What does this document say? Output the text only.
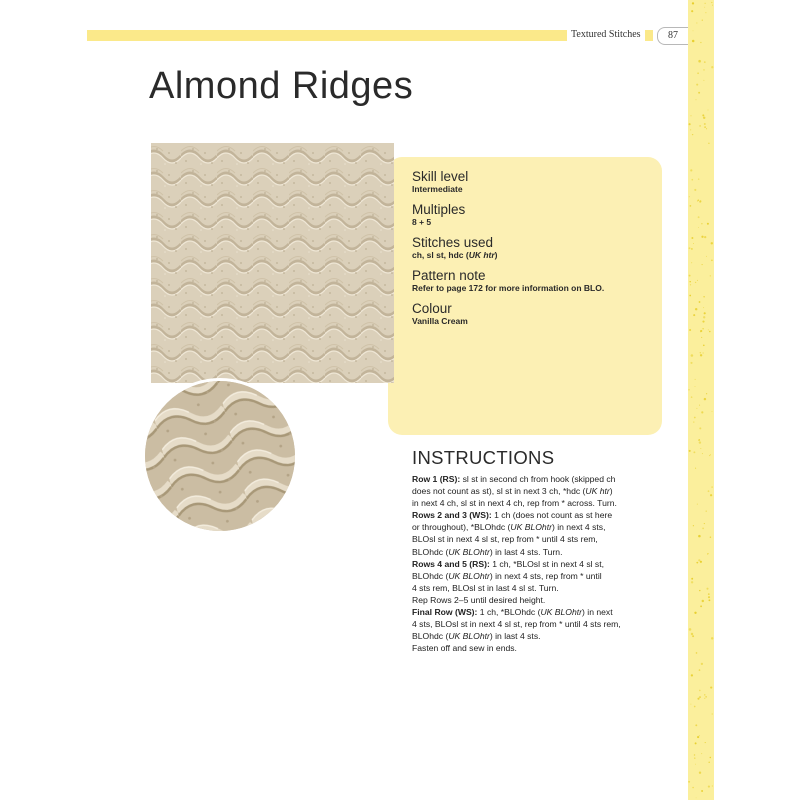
Textured Stitches	87
Almond Ridges
Skill level
Intermediate
Multiples
8 + 5
Stitches used
ch, sl st, hdc (UK htr)
Pattern note
Refer to page 172 for more information on BLO.
Colour
Vanilla Cream
INSTRUCTIONS

Row 1 (RS): sl st in second ch from hook (skipped ch

does not count as st), sl st in next 3 ch, *hdc (UK htr)

in next 4 ch, sl st in next 4 ch, rep from * across. Turn.

Rows 2 and 3 (WS): 1 ch (does not count as st here

or throughout), *BLOhdc (UK BLOhtr) in next 4 sts,

BLOsl st in next 4 sl st, rep from * until 4 sts rem,

BLOhdc (UK BLOhtr) in last 4 sts. Turn.

Rows 4 and 5 (RS): 1 ch, *BLOsl st in next 4 sl st,

BLOhdc (UK BLOhtr) in next 4 sts, rep from * until

4 sts rem, BLOsl st in last 4 sl st. Turn.

Rep Rows 2–5 until desired height.

Final Row (WS): 1 ch, *BLOhdc (UK BLOhtr) in next

4 sts, BLOsl st in next 4 sl st, rep from * until 4 sts rem,

BLOhdc (UK BLOhtr) in last 4 sts.

Fasten off and sew in ends.
